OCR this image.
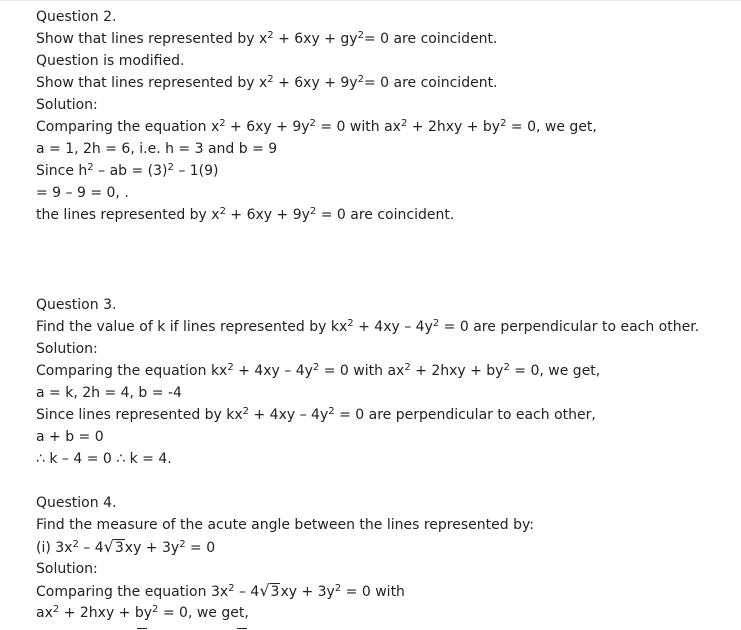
Question 2.
Show that lines represented by $x^2 + 6xy + gy^2= 0$ are coincident.
Question is modified.
Show that lines represented by $x^2 + 6xy + 9y^2= 0$ are coincident.
Solution:
Comparing the equation $x^2 + 6xy + 9y^2 = 0$ with $ax^2 + 2hxy + by^2 = 0$, we get,
a = 1, 2h = 6, i.e. h = 3 and b = 9
Since $h^2$ – ab = $(3)^2 - 1(9)$
= 9 – 9 = 0, .
the lines represented by $x^2 + 6xy + 9y^2 = 0$ are coincident.
Question 3.
Find the value of k if lines represented by $kx^2 + 4xy - 4y^2 = 0$ are perpendicular to each other.
Solution:
Comparing the equation $kx^2 + 4xy - 4y^2 = 0$ with $ax^2 + 2hxy + by^2 = 0$, we get,
a = k, 2h = 4, b = -4
Since lines represented by $kx^2 + 4xy - 4y^2 = 0$ are perpendicular to each other,
a + b = 0
∴ k – 4 = 0 ∴ k = 4.
Question 4.
Find the measure of the acute angle between the lines represented by:
(i) $3x^2 - 4√3xy + 3y^2 = 0$
Solution:
Comparing the equation $3x^2 - 4√3xy + 3y^2 = 0$ with
$ax^2 + 2hxy + by^2 = 0$, we get,
